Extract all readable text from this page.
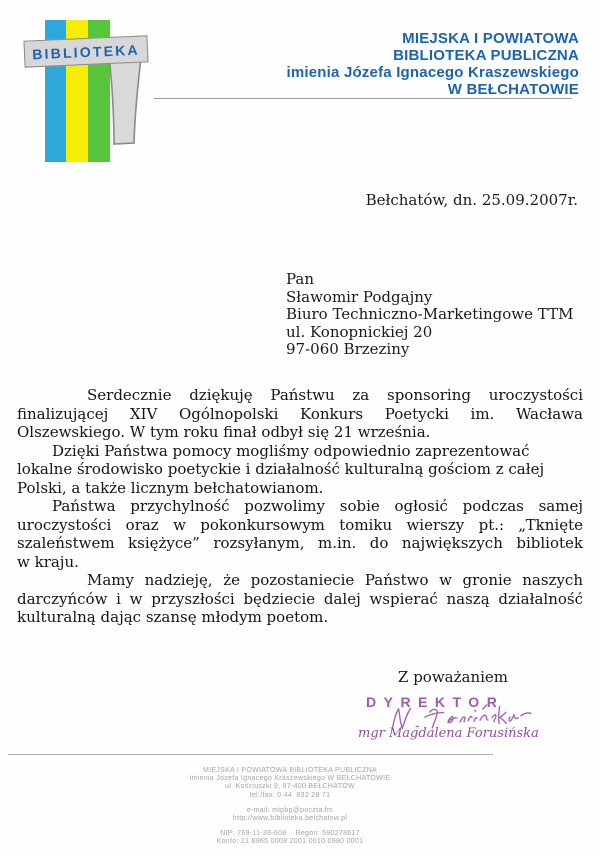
BIBLIOTEKA
MIEJSKA I POWIATOWA
BIBLIOTEKA PUBLICZNA
imienia Józefa Ignacego Kraszewskiego
W BEŁCHATOWIE
Bełchatów, dn. 25.09.2007r.
Pan
Sławomir Podgajny
Biuro Techniczno-Marketingowe TTM
ul. Konopnickiej 20
97-060 Brzeziny
Serdecznie dziękuję Państwu za sponsoring uroczystości
finalizującej XIV Ogólnopolski Konkurs Poetycki im. Wacława
Olszewskiego. W tym roku finał odbył się 21 września.
Dzięki Państwa pomocy mogliśmy odpowiednio zaprezentować
lokalne środowisko poetyckie i działalność kulturalną gościom z całej
Polski, a także licznym bełchatowianom.
Państwa przychylność pozwolimy sobie ogłosić podczas samej
uroczystości oraz w pokonkursowym tomiku wierszy pt.: „Tknięte
szaleństwem księżyce” rozsyłanym, m.in. do największych bibliotek
w kraju.
Mamy nadzieję, że pozostaniecie Państwo w gronie naszych
darczyńców i w przyszłości będziecie dalej wspierać naszą działalność
kulturalną dając szansę młodym poetom.
Z poważaniem
DYREKTOR
mgr Magdalena Forusińska
MIEJSKA I POWIATOWA BIBLIOTEKA PUBLICZNA
imienia Józefa Ignacego Kraszewskiego W BEŁCHATOWIE
ul. Kościuszki 9, 97-400 BEŁCHATÓW
tel./fax: 0 44  632 28 71
e-mail: mipbp@poczta.fm
http://www.biblioteka.belchatow.pl
NIP: 769-11-38-608    Regon: 590278617
Konto: 21 8965 0008 2001 0010 0980 0001
